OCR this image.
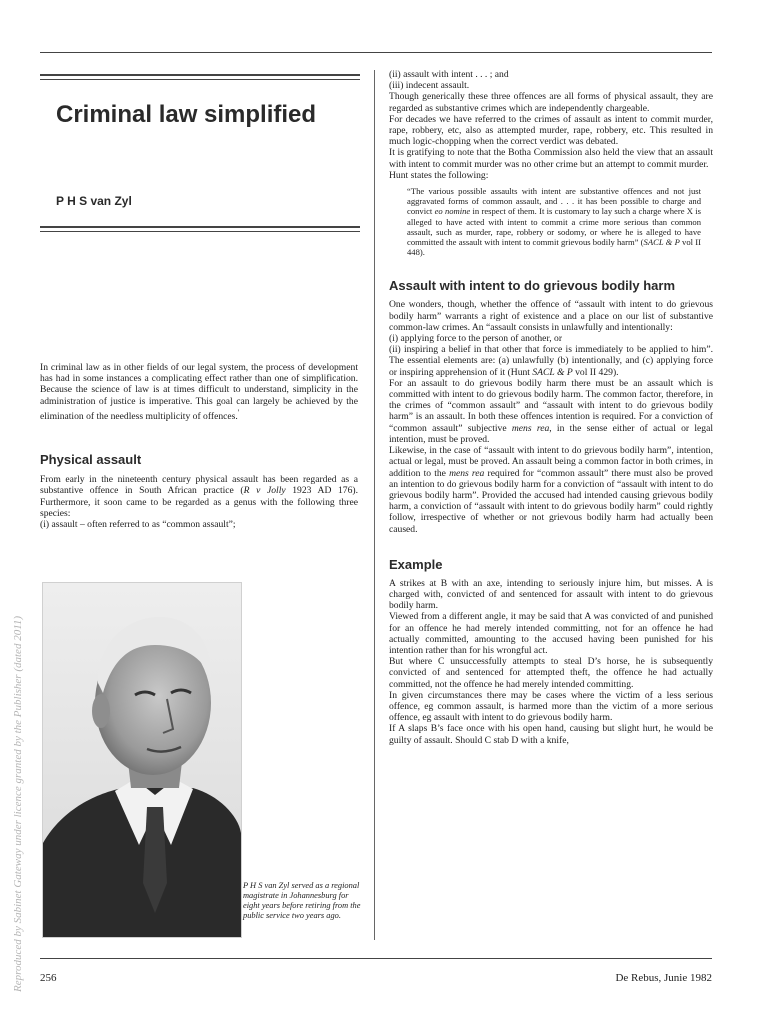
Criminal law simplified
P H S van Zyl

In criminal law as in other fields of our legal system, the process of development has had in some instances a complicating effect rather than one of simplification. Because the science of law is at times difficult to understand, simplicity in the administration of justice is imperative. This goal can largely be achieved by the elimination of the needless multiplicity of offences.'

Physical assault

From early in the nineteenth century physical assault has been regarded as a substantive offence in South African practice (R v Jolly 1923 AD 176). Furthermore, it soon came to be regarded as a genus with the following three species:

(i) assault – often referred to as “common assault”;

P H S van Zyl served as a regional magistrate in Johannesburg for eight years before retiring from the public service two years ago.

(ii) assault with intent . . . ; and

(iii) indecent assault.

Though generically these three offences are all forms of physical assault, they are regarded as substantive crimes which are independently chargeable.

For decades we have referred to the crimes of assault as intent to commit murder, rape, robbery, etc, also as attempted murder, rape, robbery, etc. This resulted in much logic-chopping when the correct verdict was debated.

It is gratifying to note that the Botha Commission also held the view that an assault with intent to commit murder was no other crime but an attempt to commit murder.

Hunt states the following:

“The various possible assaults with intent are substantive offences and not just aggravated forms of common assault, and . . . it has been possible to charge and convict eo nomine in respect of them. It is customary to lay such a charge where X is alleged to have acted with intent to commit a crime more serious than common assault, such as murder, rape, robbery or sodomy, or where he is alleged to have committed the assault with intent to commit grievous bodily harm” (SACL & P vol II 448).

Assault with intent to do grievous bodily harm

One wonders, though, whether the offence of “assault with intent to do grievous bodily harm” warrants a right of existence and a place on our list of substantive common-law crimes. An “assault consists in unlawfully and intentionally:

(i) applying force to the person of another, or

(ii) inspiring a belief in that other that force is immediately to be applied to him”. The essential elements are: (a) unlawfully (b) intentionally, and (c) applying force or inspiring apprehension of it (Hunt SACL & P vol II 429).

For an assault to do grievous bodily harm there must be an assault which is committed with intent to do grievous bodily harm. The common factor, therefore, in the crimes of “common assault” and “assault with intent to do grievous bodily harm” is an assault. In both these offences intention is required. For a conviction of “common assault” subjective mens rea, in the sense either of actual or legal intention, must be proved.

Likewise, in the case of “assault with intent to do grievous bodily harm”, intention, actual or legal, must be proved. An assault being a common factor in both crimes, in addition to the mens rea required for “common assault” there must also be proved an intention to do grievous bodily harm for a conviction of “assault with intent to do grievous bodily harm”. Provided the accused had intended causing grievous bodily harm, a conviction of “assault with intent to do grievous bodily harm” could rightly follow, irrespective of whether or not grievous bodily harm had actually been caused.

Example

A strikes at B with an axe, intending to seriously injure him, but misses. A is charged with, convicted of and sentenced for assault with intent to do grievous bodily harm.

Viewed from a different angle, it may be said that A was convicted of and punished for an offence he had merely intended committing, not for an offence he had actually committed, amounting to the accused having been punished for his intention rather than for his wrongful act.

But where C unsuccessfully attempts to steal D’s horse, he is subsequently convicted of and sentenced for attempted theft, the offence he had actually committed, not the offence he had merely intended committing.

In given circumstances there may be cases where the victim of a less serious offence, eg common assault, is harmed more than the victim of a more serious offence, eg assault with intent to do grievous bodily harm.

If A slaps B’s face once with his open hand, causing but slight hurt, he would be guilty of assault. Should C stab D with a knife,

256	De Rebus, Junie 1982
Reproduced by Sabinet Gateway under licence granted by the Publisher (dated 2011)
